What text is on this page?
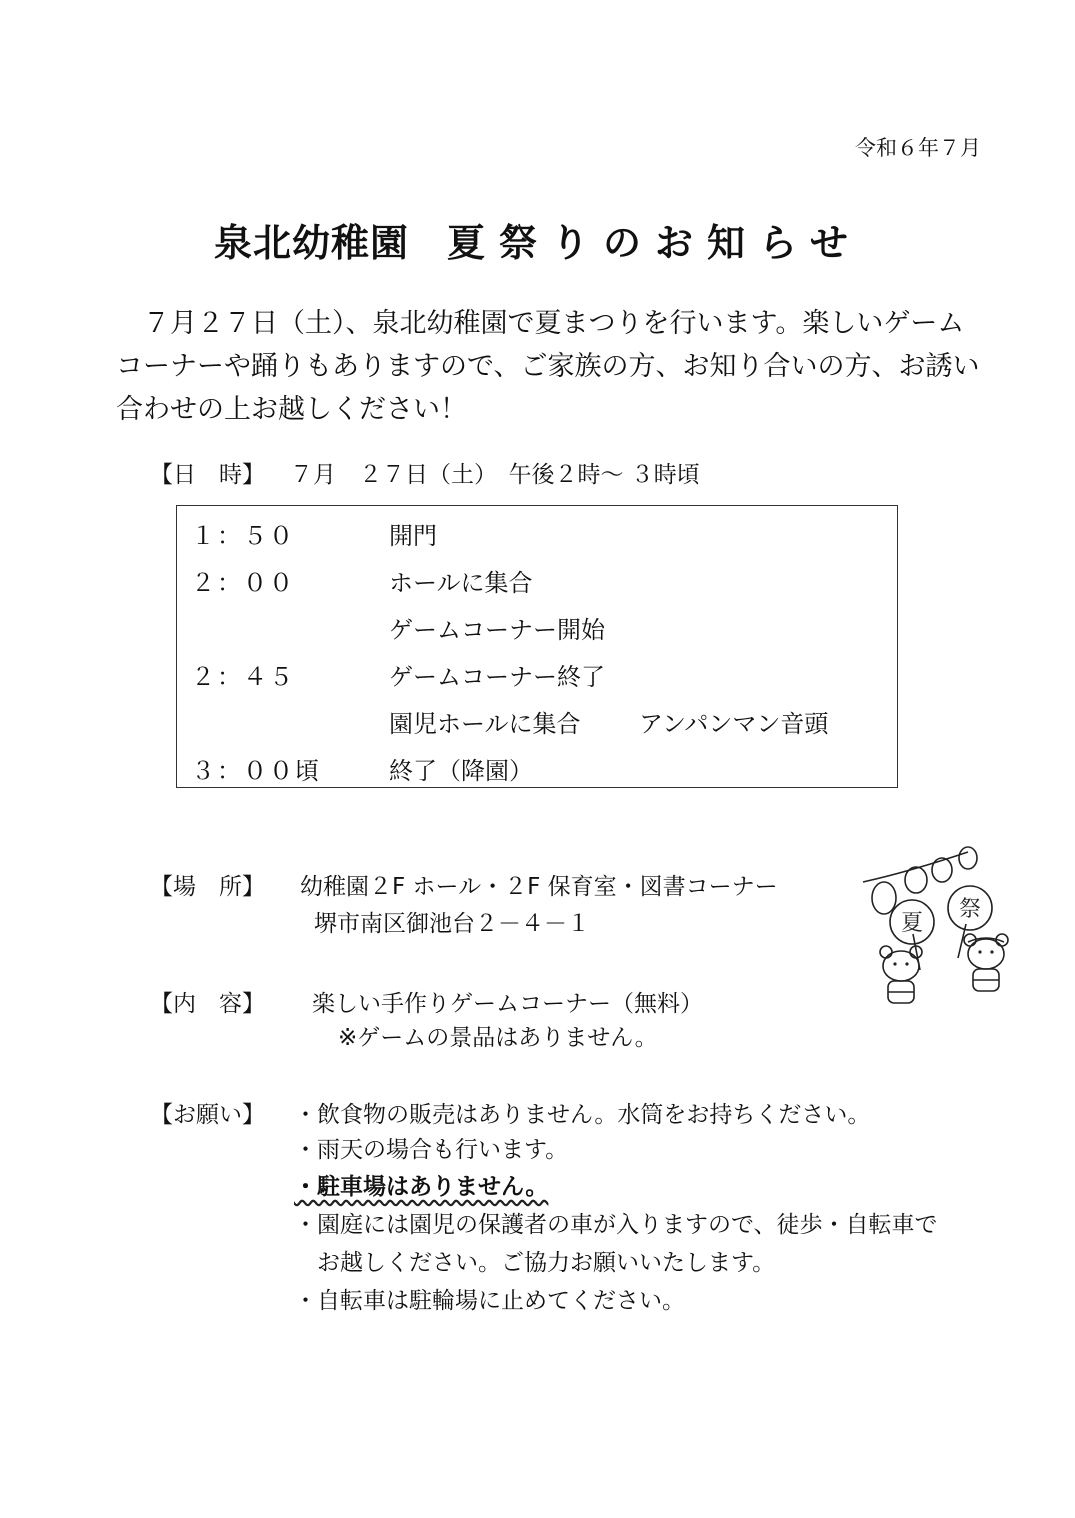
令和６年７月
泉北幼稚園 夏祭りのお知らせ
７月２７日（土）、泉北幼稚園で夏まつりを行います。楽しいゲーム
コーナーや踊りもありますので、ご家族の方、お知り合いの方、お誘い
合わせの上お越しください！
【日　時】 ７月　２７日（土）　午後２時～ ３時頃
１：５０	開門
２：００	ホールに集合
ゲームコーナー開始
２：４５	ゲームコーナー終了
園児ホールに集合 アンパンマン音頭
３：００頃	終了（降園）
【場　所】 幼稚園２F ホール・２F 保育室・図書コーナー
堺市南区御池台２－４－１
【内　容】 楽しい手作りゲームコーナー（無料）
※ゲームの景品はありません。
【お願い】 ・飲食物の販売はありません。水筒をお持ちください。
・雨天の場合も行います。
・駐車場はありません。
・園庭には園児の保護者の車が入りますので、徒歩・自転車で
　お越しください。ご協力お願いいたします。
・自転車は駐輪場に止めてください。
夏
祭
